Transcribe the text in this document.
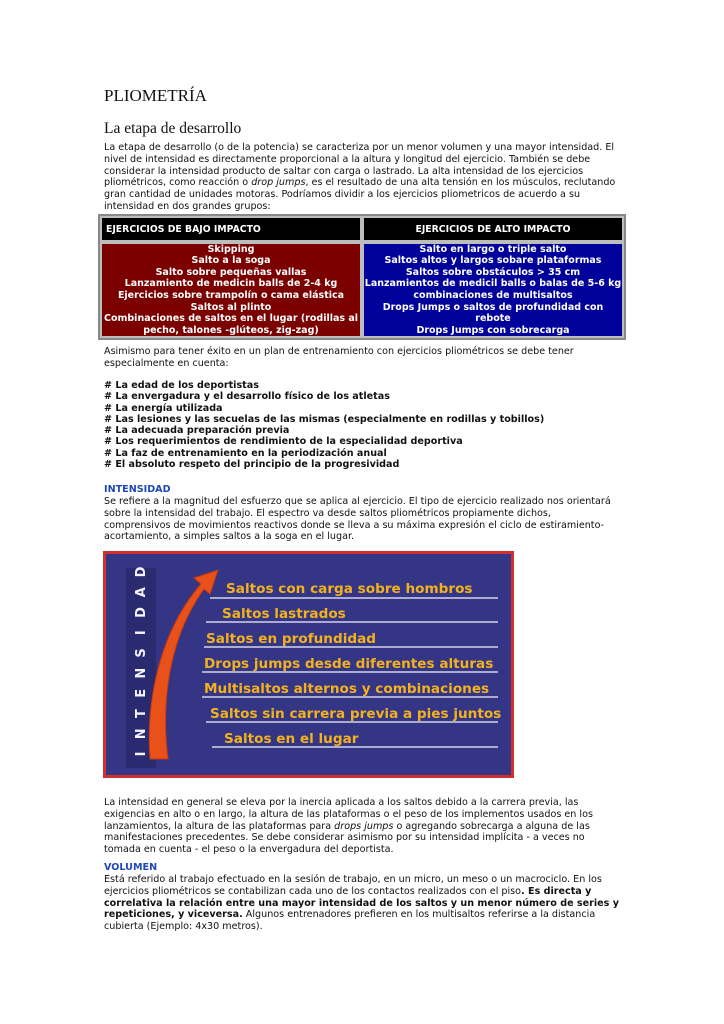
PLIOMETRÍA
La etapa de desarrollo

La etapa de desarrollo (o de la potencia) se caracteriza por un menor volumen y una mayor intensidad. El nivel de intensidad es directamente proporcional a la altura y longitud del ejercicio. También se debe considerar la intensidad producto de saltar con carga o lastrado. La alta intensidad de los ejercicios pliométricos, como reacción o drop jumps, es el resultado de una alta tensión en los músculos, reclutando gran cantidad de unidades motoras. Podríamos dividir a los ejercicios pliometricos de acuerdo a su intensidad en dos grandes grupos:

EJERCICIOS DE BAJO IMPACTO	EJERCICIOS DE ALTO IMPACTO
Skipping
Salto a la soga
Salto sobre pequeñas vallas
Lanzamiento de medicin balls de 2-4 kg
Ejercicios sobre trampolín o cama elástica
Saltos al plinto
Combinaciones de saltos en el lugar (rodillas al pecho, talones -glúteos, zig-zag)
Salto en largo o triple salto
Saltos altos y largos sobare plataformas
Saltos sobre obstáculos > 35 cm
Lanzamientos de medicil balls o balas de 5-6 kg combinaciones de multisaltos
Drops Jumps o saltos de profundidad con rebote
Drops Jumps con sobrecarga

Asimismo para tener éxito en un plan de entrenamiento con ejercicios pliométricos se debe tener especialmente en cuenta:

# La edad de los deportistas
# La envergadura y el desarrollo físico de los atletas
# La energía utilizada
# Las lesiones y las secuelas de las mismas (especialmente en rodillas y tobillos)
# La adecuada preparación previa
# Los requerimientos de rendimiento de la especialidad deportiva
# La faz de entrenamiento en la periodización anual
# El absoluto respeto del principio de la progresividad

INTENSIDAD

Se refiere a la magnitud del esfuerzo que se aplica al ejercicio. El tipo de ejercicio realizado nos orientará sobre la intensidad del trabajo. El espectro va desde saltos pliométricos propiamente dichos, comprensivos de movimientos reactivos donde se lleva a su máxima expresión el ciclo de estiramiento-acortamiento, a simples saltos a la soga en el lugar.

I
N
T
E
N
S
I
D
A
D
Saltos con carga sobre hombros
Saltos lastrados
Saltos en profundidad
Drops jumps desde diferentes alturas
Multisaltos alternos y combinaciones
Saltos sin carrera previa a pies juntos
Saltos en el lugar

La intensidad en general se eleva por la inercia aplicada a los saltos debido a la carrera previa, las exigencias en alto o en largo, la altura de las plataformas o el peso de los implementos usados en los lanzamientos, la altura de las plataformas para drops jumps o agregando sobrecarga a alguna de las manifestaciones precedentes. Se debe considerar asimismo por su intensidad implícita - a veces no tomada en cuenta - el peso o la envergadura del deportista.

VOLUMEN

Está referido al trabajo efectuado en la sesión de trabajo, en un micro, un meso o un macrociclo. En los ejercicios pliométricos se contabilizan cada uno de los contactos realizados con el piso. Es directa y correlativa la relación entre una mayor intensidad de los saltos y un menor número de series y repeticiones, y viceversa. Algunos entrenadores prefieren en los multisaltos referirse a la distancia cubierta (Ejemplo: 4x30 metros).
